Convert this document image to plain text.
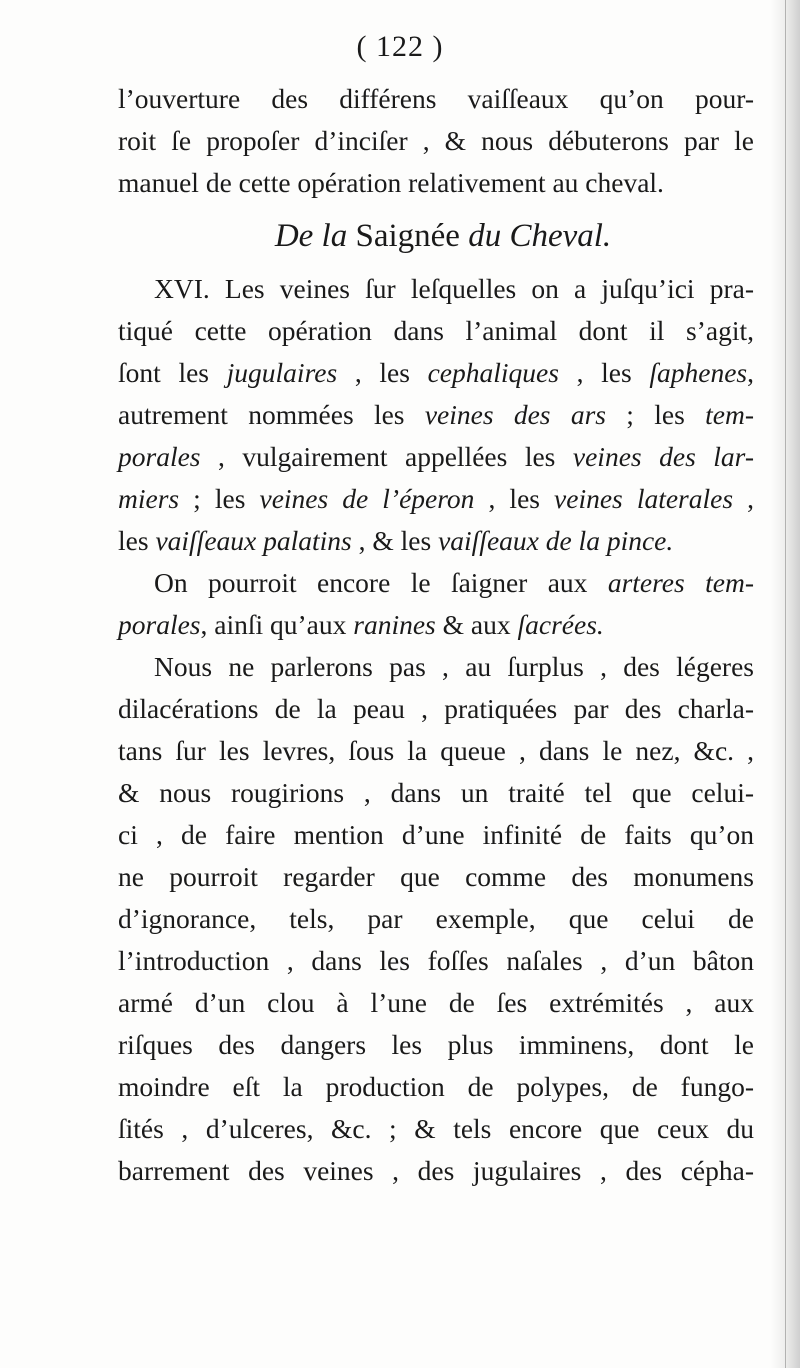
( 122 )
l’ouverture des différens vaiſſeaux qu’on pour-
roit ſe propoſer d’inciſer , & nous débuterons par le
manuel de cette opération relativement au cheval.
De la Saignée du Cheval.
XVI. Les veines ſur leſquelles on a juſqu’ici pra-
tiqué cette opération dans l’animal dont il s’agit,
ſont les jugulaires , les cephaliques , les ſaphenes,
autrement nommées les veines des ars ; les tem-
porales , vulgairement appellées les veines des lar-
miers ; les veines de l’éperon , les veines laterales ,
les vaiſſeaux palatins , & les vaiſſeaux de la pince.
On pourroit encore le ſaigner aux arteres tem-
porales, ainſi qu’aux ranines & aux ſacrées.
Nous ne parlerons pas , au ſurplus , des légeres
dilacérations de la peau , pratiquées par des charla-
tans ſur les levres, ſous la queue , dans le nez, &c. ,
& nous rougirions , dans un traité tel que celui-
ci , de faire mention d’une infinité de faits qu’on
ne pourroit regarder que comme des monumens
d’ignorance, tels, par exemple, que celui de
l’introduction , dans les foſſes naſales , d’un bâton
armé d’un clou à l’une de ſes extrémités , aux
riſques des dangers les plus imminens, dont le
moindre eſt la production de polypes, de fungo-
ſités , d’ulceres, &c. ; & tels encore que ceux du
barrement des veines , des jugulaires , des cépha-
